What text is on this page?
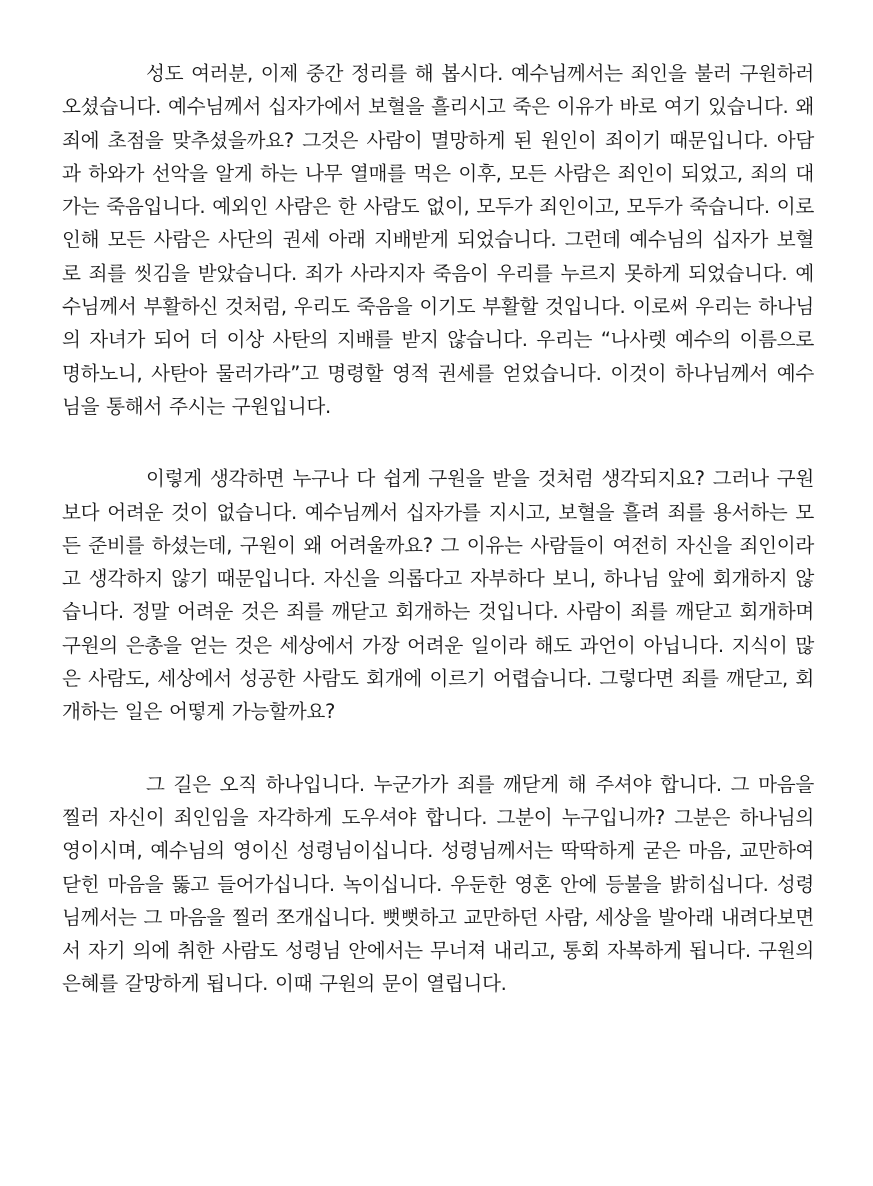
성도 여러분, 이제 중간 정리를 해 봅시다. 예수님께서는 죄인을 불러 구원하러 오셨습니다. 예수님께서 십자가에서 보혈을 흘리시고 죽은 이유가 바로 여기 있습니다. 왜 죄에 초점을 맞추셨을까요? 그것은 사람이 멸망하게 된 원인이 죄이기 때문입니다. 아담과 하와가 선악을 알게 하는 나무 열매를 먹은 이후, 모든 사람은 죄인이 되었고, 죄의 대가는 죽음입니다. 예외인 사람은 한 사람도 없이, 모두가 죄인이고, 모두가 죽습니다. 이로 인해 모든 사람은 사단의 권세 아래 지배받게 되었습니다. 그런데 예수님의 십자가 보혈로 죄를 씻김을 받았습니다. 죄가 사라지자 죽음이 우리를 누르지 못하게 되었습니다. 예수님께서 부활하신 것처럼, 우리도 죽음을 이기도 부활할 것입니다. 이로써 우리는 하나님의 자녀가 되어 더 이상 사탄의 지배를 받지 않습니다. 우리는 “나사렛 예수의 이름으로 명하노니, 사탄아 물러가라”고 명령할 영적 권세를 얻었습니다. 이것이 하나님께서 예수님을 통해서 주시는 구원입니다.

이렇게 생각하면 누구나 다 쉽게 구원을 받을 것처럼 생각되지요? 그러나 구원보다 어려운 것이 없습니다. 예수님께서 십자가를 지시고, 보혈을 흘려 죄를 용서하는 모든 준비를 하셨는데, 구원이 왜 어려울까요? 그 이유는 사람들이 여전히 자신을 죄인이라고 생각하지 않기 때문입니다. 자신을 의롭다고 자부하다 보니, 하나님 앞에 회개하지 않습니다. 정말 어려운 것은 죄를 깨닫고 회개하는 것입니다. 사람이 죄를 깨닫고 회개하며 구원의 은총을 얻는 것은 세상에서 가장 어려운 일이라 해도 과언이 아닙니다. 지식이 많은 사람도, 세상에서 성공한 사람도 회개에 이르기 어렵습니다. 그렇다면 죄를 깨닫고, 회개하는 일은 어떻게 가능할까요?

그 길은 오직 하나입니다. 누군가가 죄를 깨닫게 해 주셔야 합니다. 그 마음을 찔러 자신이 죄인임을 자각하게 도우셔야 합니다. 그분이 누구입니까? 그분은 하나님의 영이시며, 예수님의 영이신 성령님이십니다. 성령님께서는 딱딱하게 굳은 마음, 교만하여 닫힌 마음을 뚫고 들어가십니다. 녹이십니다. 우둔한 영혼 안에 등불을 밝히십니다. 성령님께서는 그 마음을 찔러 쪼개십니다. 뻣뻣하고 교만하던 사람, 세상을 발아래 내려다보면서 자기 의에 취한 사람도 성령님 안에서는 무너져 내리고, 통회 자복하게 됩니다. 구원의 은혜를 갈망하게 됩니다. 이때 구원의 문이 열립니다.
